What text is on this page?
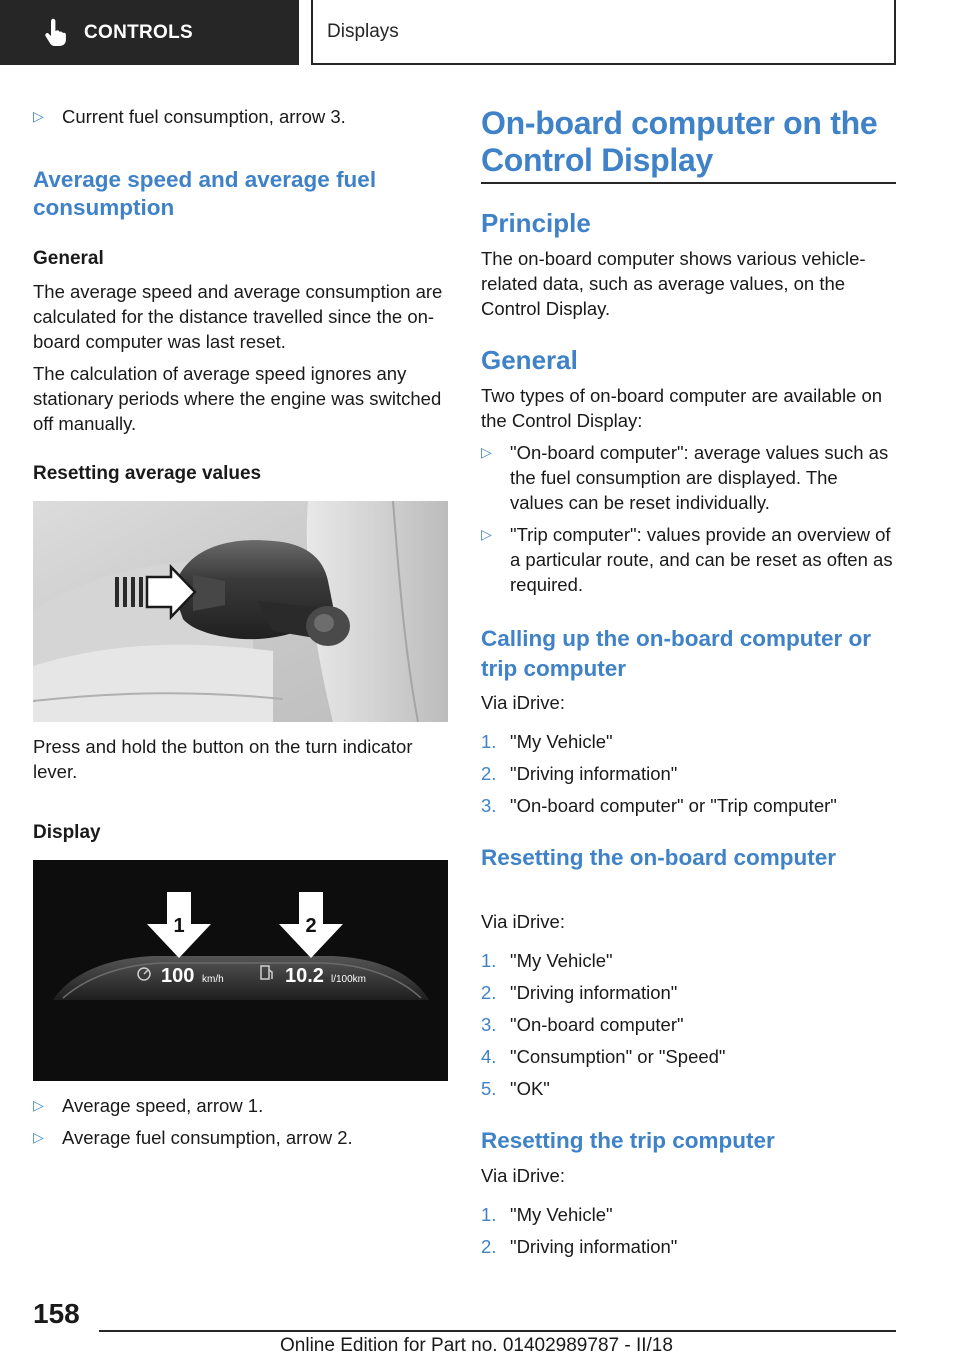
CONTROLS	Displays
▷ Current fuel consumption, arrow 3.
Average speed and average fuel consumption
General
The average speed and average consumption are calculated for the distance travelled since the on-board computer was last reset.
The calculation of average speed ignores any stationary periods where the engine was switched off manually.
Resetting average values
Press and hold the button on the turn indicator lever.
Display
1	2
100 km/h	10.2 l/100km
▷ Average speed, arrow 1.
▷ Average fuel consumption, arrow 2.
On-board computer on the Control Display
Principle
The on-board computer shows various vehicle-related data, such as average values, on the Control Display.
General
Two types of on-board computer are available on the Control Display:
▷ "On-board computer": average values such as the fuel consumption are displayed. The values can be reset individually.
▷ "Trip computer": values provide an overview of a particular route, and can be reset as often as required.
Calling up the on-board computer or trip computer
Via iDrive:
1. "My Vehicle"
2. "Driving information"
3. "On-board computer" or "Trip computer"
Resetting the on-board computer
Via iDrive:
1. "My Vehicle"
2. "Driving information"
3. "On-board computer"
4. "Consumption" or "Speed"
5. "OK"
Resetting the trip computer
Via iDrive:
1. "My Vehicle"
2. "Driving information"
158
Online Edition for Part no. 01402989787 - II/18
